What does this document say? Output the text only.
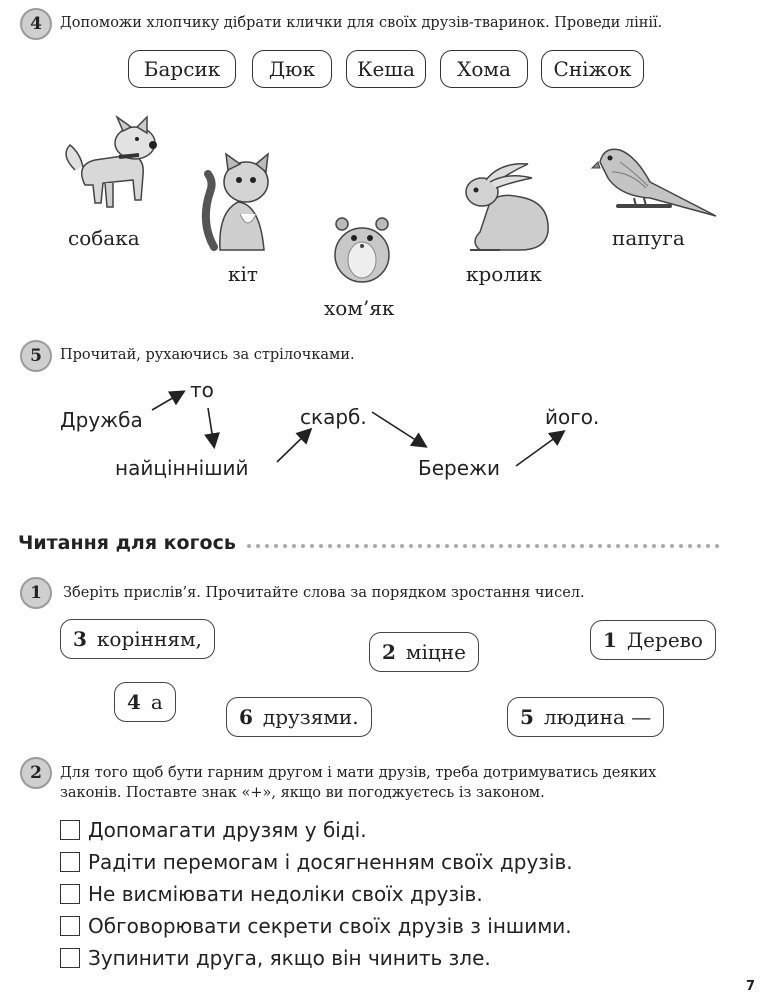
4 Допоможи хлопчику дібрати клички для своїх друзів-тваринок. Проведи лінії.
Барсик Дюк Кеша Хома Сніжок
собака
кіт
хом’як
кролик
папуга
5 Прочитай, рухаючись за стрілочками.
Дружба
то
найцінніший
скарб.
Бережи
його.
Читання для когось
1 Зберіть прислів’я. Прочитайте слова за порядком зростання чисел.
3 корінням,
2 міцне	1 Дерево
4 а
6 друзями.	5 людина —
2 Для того щоб бути гарним другом і мати друзів, треба дотримуватись деяких
законів. Поставте знак «+», якщо ви погоджуєтесь із законом.
Допомагати друзям у біді.
Радіти перемогам і досягненням своїх друзів.
Не висміювати недоліки своїх друзів.
Обговорювати секрети своїх друзів з іншими.
Зупинити друга, якщо він чинить зле.
7
